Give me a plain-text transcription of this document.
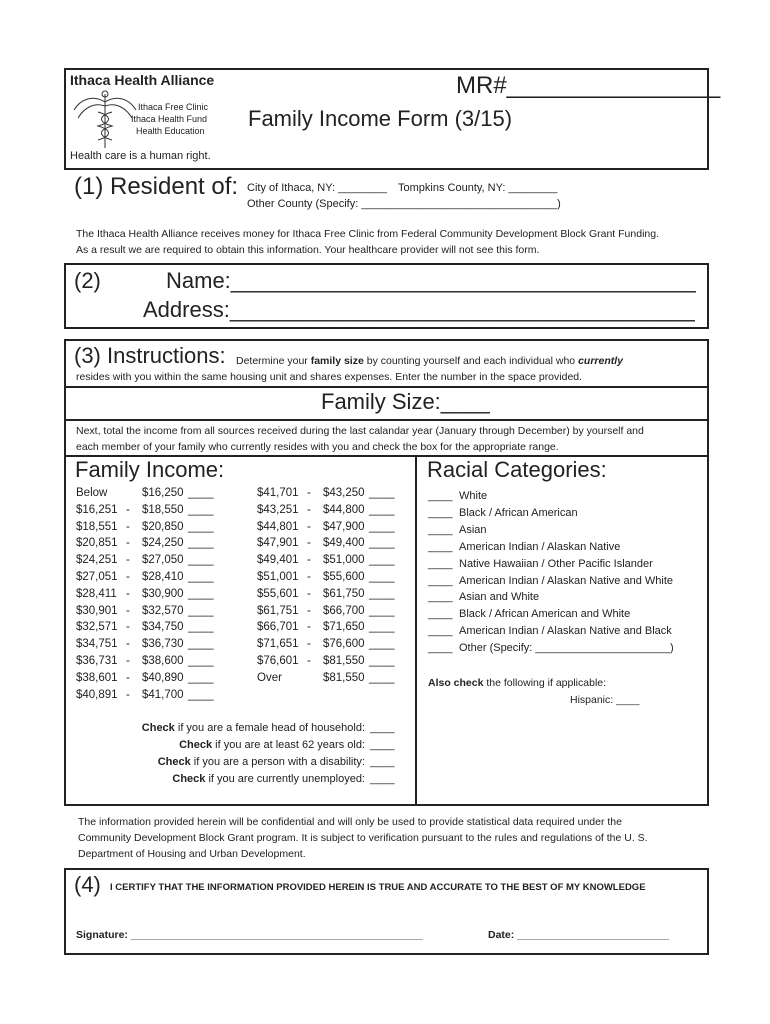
Ithaca Health Alliance
Ithaca Free Clinic
Ithaca Health Fund
Health Education
Health care is a human right.
MR#________________
Family Income Form (3/15)
(1) Resident of: City of Ithaca, NY: ________ Tompkins County, NY: ________
Other County (Specify: ________________________________)
The Ithaca Health Alliance receives money for Ithaca Free Clinic from Federal Community Development Block Grant Funding.
As a result we are required to obtain this information. Your healthcare provider will not see this form.
(2)	Name:______________________________________
Address:______________________________________
(3) Instructions: Determine your family size by counting yourself and each individual who currently
resides with you within the same housing unit and shares expenses. Enter the number in the space provided.
Family Size:____
Next, total the income from all sources received during the last calandar year (January through December) by yourself and
each member of your family who currently resides with you and check the box for the appropriate range.
Family Income:
Below	$16,250 ____
$16,251 - $18,550 ____
$18,551 - $20,850 ____
$20,851 - $24,250 ____
$24,251 - $27,050 ____
$27,051 - $28,410 ____
$28,411 - $30,900 ____
$30,901 - $32,570 ____
$32,571 - $34,750 ____
$34,751 - $36,730 ____
$36,731 - $38,600 ____
$38,601 - $40,890 ____
$40,891 - $41,700 ____
$41,701 - $43,250 ____
$43,251 - $44,800 ____
$44,801 - $47,900 ____
$47,901 - $49,400 ____
$49,401 - $51,000 ____
$51,001 - $55,600 ____
$55,601 - $61,750 ____
$61,751 - $66,700 ____
$66,701 - $71,650 ____
$71,651 - $76,600 ____
$76,601 - $81,550 ____
Over	$81,550 ____
Check if you are a female head of household: ____
Check if you are at least 62 years old: ____
Check if you are a person with a disability: ____
Check if you are currently unemployed: ____
Racial Categories:
____ White
____ Black / African American
____ Asian
____ American Indian / Alaskan Native
____ Native Hawaiian / Other Pacific Islander
____ American Indian / Alaskan Native and White
____ Asian and White
____ Black / African American and White
____ American Indian / Alaskan Native and Black
____ Other (Specify: ______________________)
Also check the following if applicable:
Hispanic: ____
The information provided herein will be confidential and will only be used to provide statistical data required under the
Community Development Block Grant program. It is subject to verification pursuant to the rules and regulations of the U. S.
Department of Housing and Urban Development.
(4) I CERTIFY THAT THE INFORMATION PROVIDED HEREIN IS TRUE AND ACCURATE TO THE BEST OF MY KNOWLEDGE
Signature: __________________________________________________	Date: __________________________
